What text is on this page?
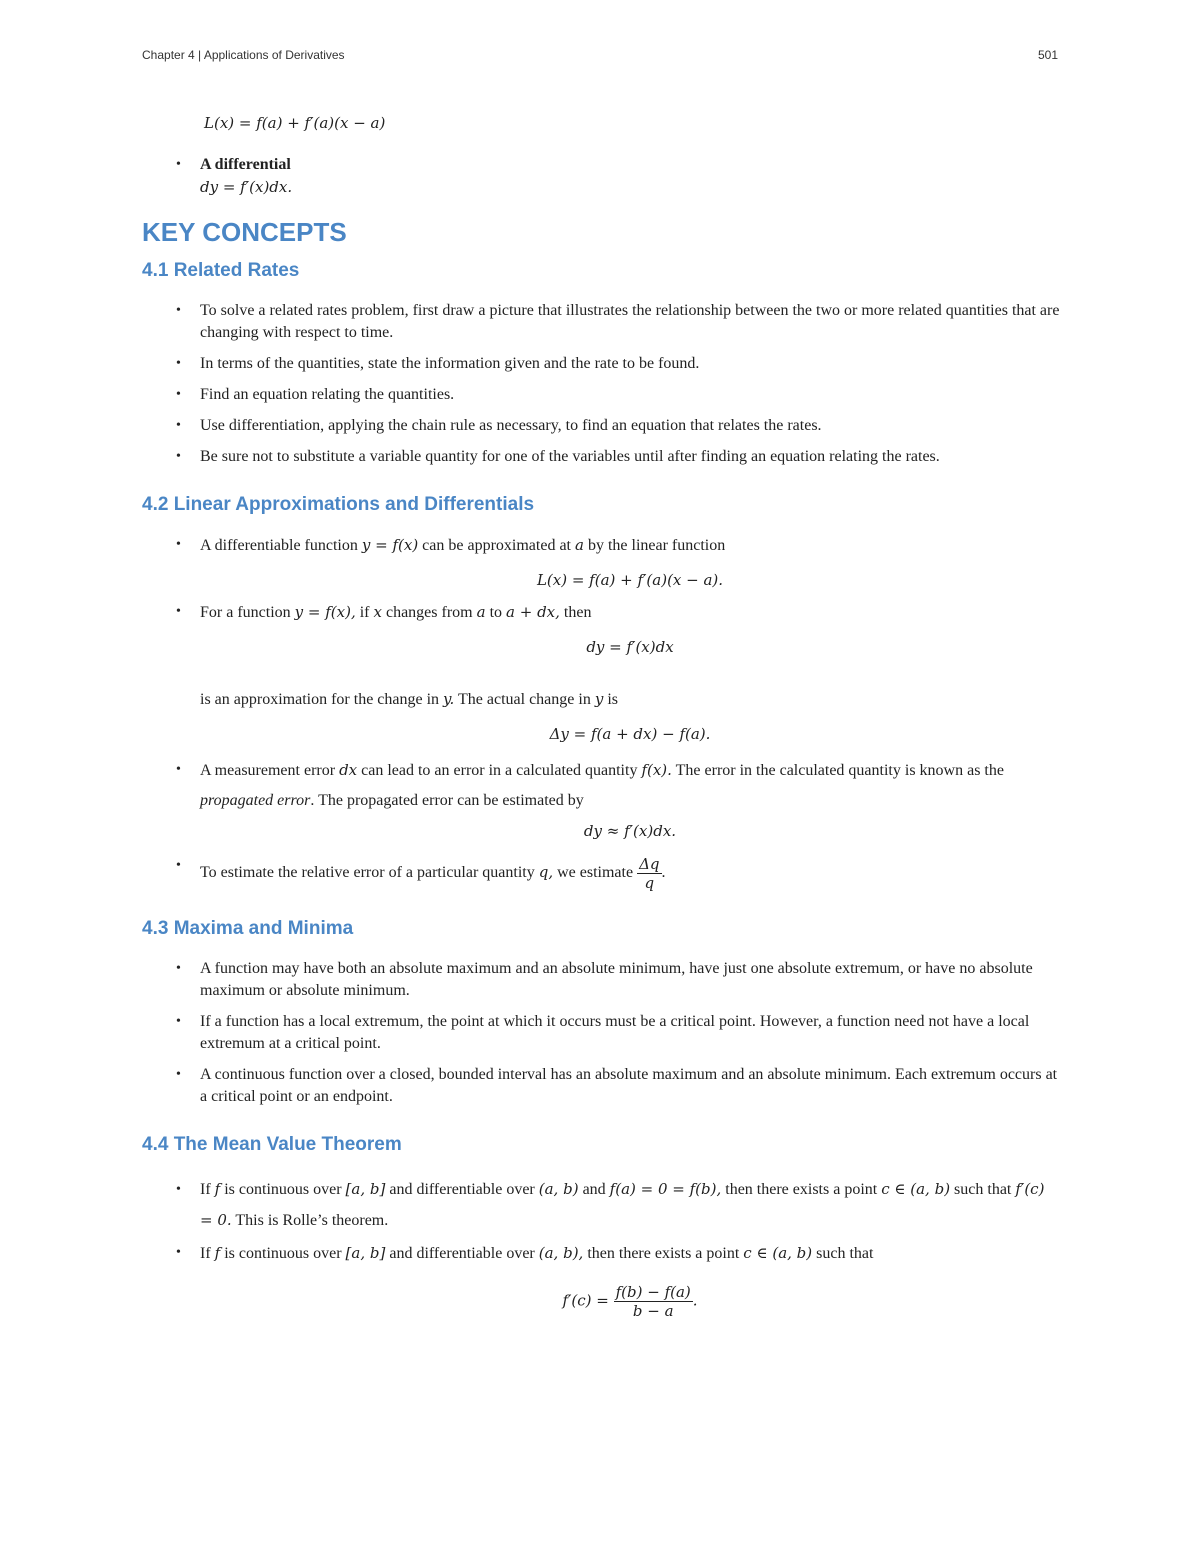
Chapter 4 | Applications of Derivatives	501
L(x) = f(a) + f′(a)(x − a)
• A differential
dy = f′(x)dx.
KEY CONCEPTS
4.1 Related Rates
• To solve a related rates problem, first draw a picture that illustrates the relationship between the two or more related quantities that are changing with respect to time.
• In terms of the quantities, state the information given and the rate to be found.
• Find an equation relating the quantities.
• Use differentiation, applying the chain rule as necessary, to find an equation that relates the rates.
• Be sure not to substitute a variable quantity for one of the variables until after finding an equation relating the rates.
4.2 Linear Approximations and Differentials
• A differentiable function y = f(x) can be approximated at a by the linear function
L(x) = f(a) + f′(a)(x − a).
• For a function y = f(x), if x changes from a to a + dx, then
dy = f′(x)dx
is an approximation for the change in y. The actual change in y is
Δy = f(a + dx) − f(a).
• A measurement error dx can lead to an error in a calculated quantity f(x). The error in the calculated quantity is known as the propagated error. The propagated error can be estimated by
dy ≈ f′(x)dx.
• To estimate the relative error of a particular quantity q, we estimate $\frac{\Delta q}{q}$ .
4.3 Maxima and Minima
• A function may have both an absolute maximum and an absolute minimum, have just one absolute extremum, or have no absolute maximum or absolute minimum.
• If a function has a local extremum, the point at which it occurs must be a critical point. However, a function need not have a local extremum at a critical point.
• A continuous function over a closed, bounded interval has an absolute maximum and an absolute minimum. Each extremum occurs at a critical point or an endpoint.
4.4 The Mean Value Theorem
• If f is continuous over [a, b] and differentiable over (a, b) and f(a) = 0 = f(b), then there exists a point c ∈ (a, b) such that f′(c) = 0. This is Rolle’s theorem.
• If f is continuous over [a, b] and differentiable over (a, b), then there exists a point c ∈ (a, b) such that
$f'(c) = \frac{f(b) - f(a)}{b - a}$ .
